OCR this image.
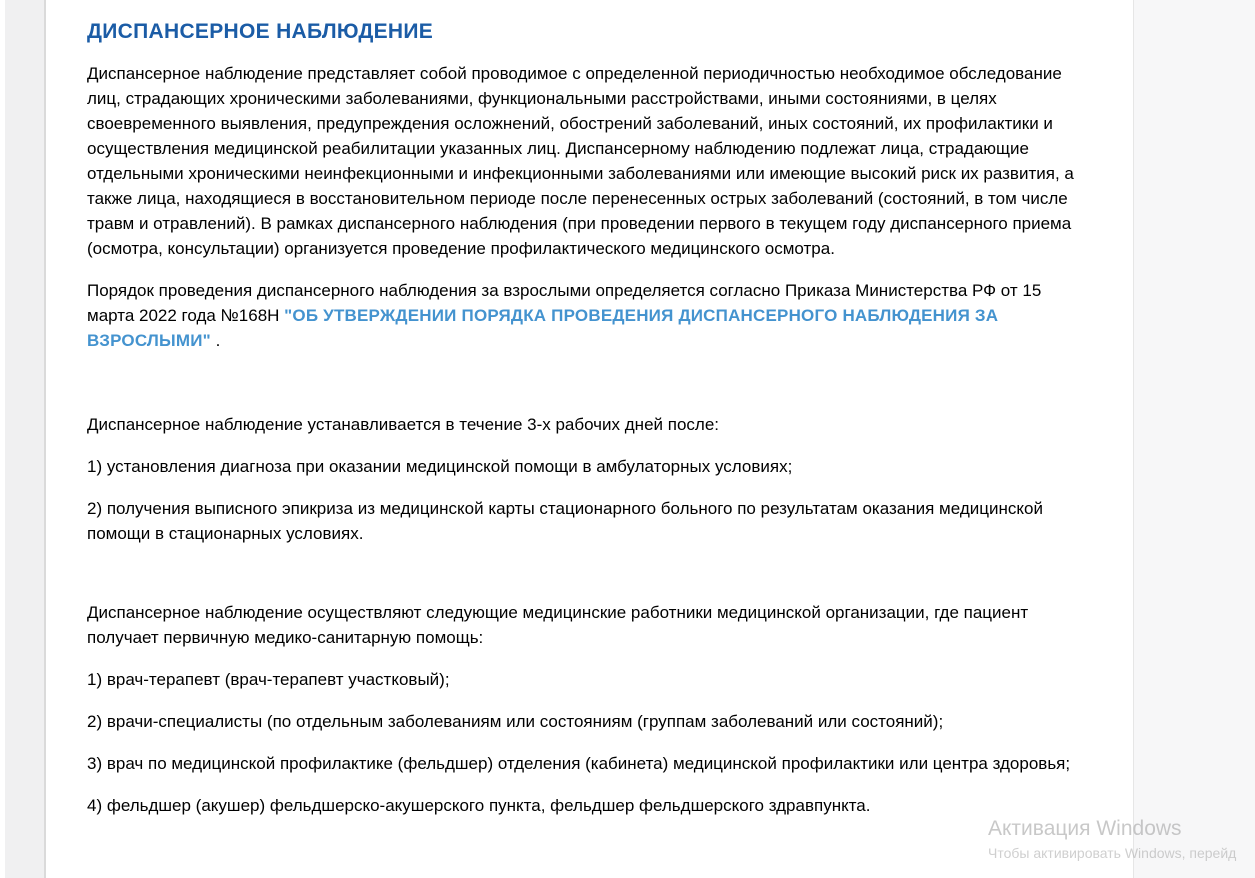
ДИСПАНСЕРНОЕ НАБЛЮДЕНИЕ

Диспансерное наблюдение представляет собой проводимое с определенной периодичностью необходимое обследование лиц, страдающих хроническими заболеваниями, функциональными расстройствами, иными состояниями, в целях своевременного выявления, предупреждения осложнений, обострений заболеваний, иных состояний, их профилактики и осуществления медицинской реабилитации указанных лиц. Диспансерному наблюдению подлежат лица, страдающие отдельными хроническими неинфекционными и инфекционными заболеваниями или имеющие высокий риск их развития, а также лица, находящиеся в восстановительном периоде после перенесенных острых заболеваний (состояний, в том числе травм и отравлений). В рамках диспансерного наблюдения (при проведении первого в текущем году диспансерного приема (осмотра, консультации) организуется проведение профилактического медицинского осмотра.

Порядок проведения диспансерного наблюдения за взрослыми определяется согласно Приказа Министерства РФ от 15 марта 2022 года №168Н "ОБ УТВЕРЖДЕНИИ ПОРЯДКА ПРОВЕДЕНИЯ ДИСПАНСЕРНОГО НАБЛЮДЕНИЯ ЗА ВЗРОСЛЫМИ" .

Диспансерное наблюдение устанавливается в течение 3-х рабочих дней после:

1) установления диагноза при оказании медицинской помощи в амбулаторных условиях;

2) получения выписного эпикриза из медицинской карты стационарного больного по результатам оказания медицинской помощи в стационарных условиях.

Диспансерное наблюдение осуществляют следующие медицинские работники медицинской организации, где пациент получает первичную медико-санитарную помощь:

1) врач-терапевт (врач-терапевт участковый);

2) врачи-специалисты (по отдельным заболеваниям или состояниям (группам заболеваний или состояний);

3) врач по медицинской профилактике (фельдшер) отделения (кабинета) медицинской профилактики или центра здоровья;

4) фельдшер (акушер) фельдшерско-акушерского пункта, фельдшер фельдшерского здравпункта.

Активация Windows
Чтобы активировать Windows, перейд
